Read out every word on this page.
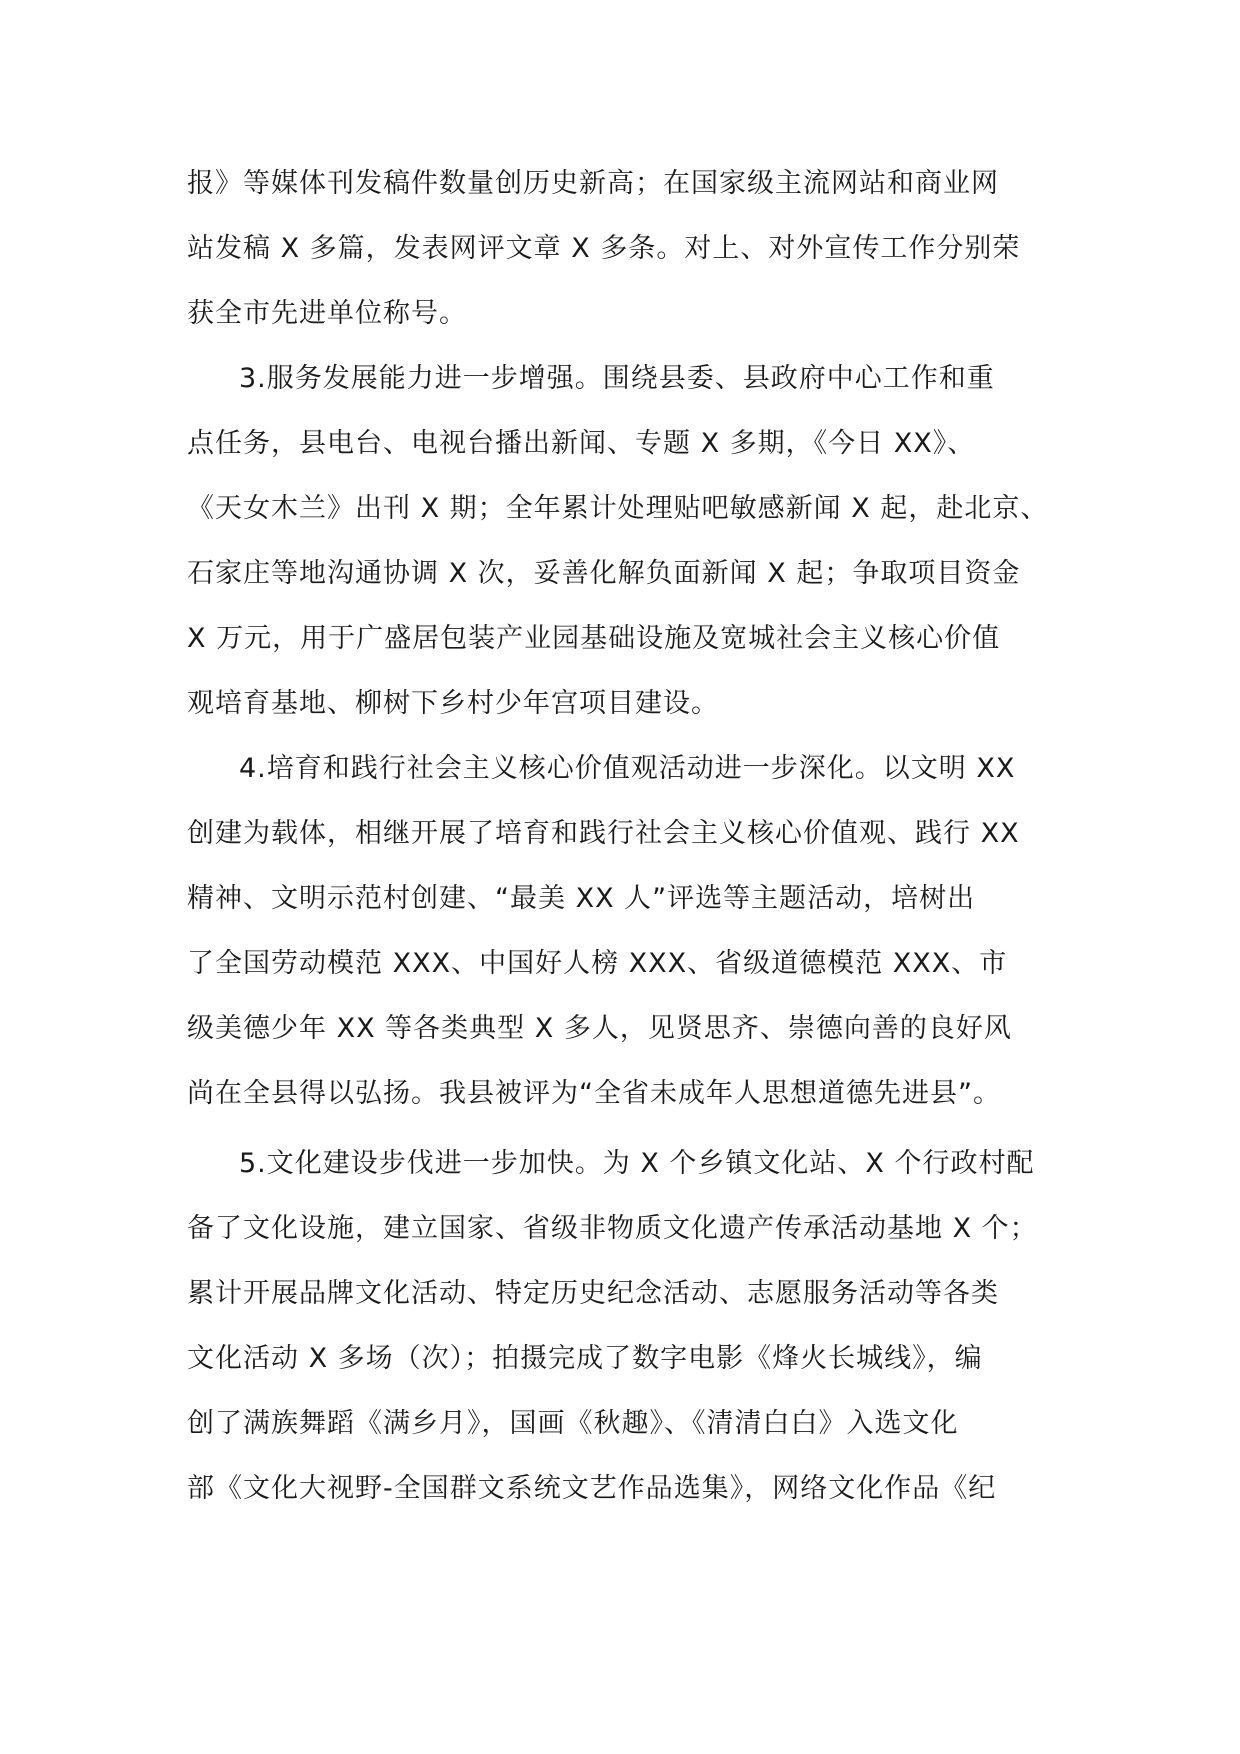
报》等媒体刊发稿件数量创历史新高；在国家级主流网站和商业网
站发稿 X 多篇，发表网评文章 X 多条。对上、对外宣传工作分别荣
获全市先进单位称号。
3.服务发展能力进一步增强。围绕县委、县政府中心工作和重
点任务，县电台、电视台播出新闻、专题 X 多期，《今日 XX》、
《天女木兰》出刊 X 期；全年累计处理贴吧敏感新闻 X 起，赴北京、
石家庄等地沟通协调 X 次，妥善化解负面新闻 X 起；争取项目资金
X 万元，用于广盛居包装产业园基础设施及宽城社会主义核心价值
观培育基地、柳树下乡村少年宫项目建设。
4.培育和践行社会主义核心价值观活动进一步深化。以文明 XX
创建为载体，相继开展了培育和践行社会主义核心价值观、践行 XX
精神、文明示范村创建、“最美 XX 人”评选等主题活动，培树出
了全国劳动模范 XXX、中国好人榜 XXX、省级道德模范 XXX、市
级美德少年 XX 等各类典型 X 多人，见贤思齐、崇德向善的良好风
尚在全县得以弘扬。我县被评为“全省未成年人思想道德先进县”。
5.文化建设步伐进一步加快。为 X 个乡镇文化站、X 个行政村配
备了文化设施，建立国家、省级非物质文化遗产传承活动基地 X 个；
累计开展品牌文化活动、特定历史纪念活动、志愿服务活动等各类
文化活动 X 多场（次）；拍摄完成了数字电影《烽火长城线》，编
创了满族舞蹈《满乡月》，国画《秋趣》、《清清白白》入选文化
部《文化大视野-全国群文系统文艺作品选集》，网络文化作品《纪
